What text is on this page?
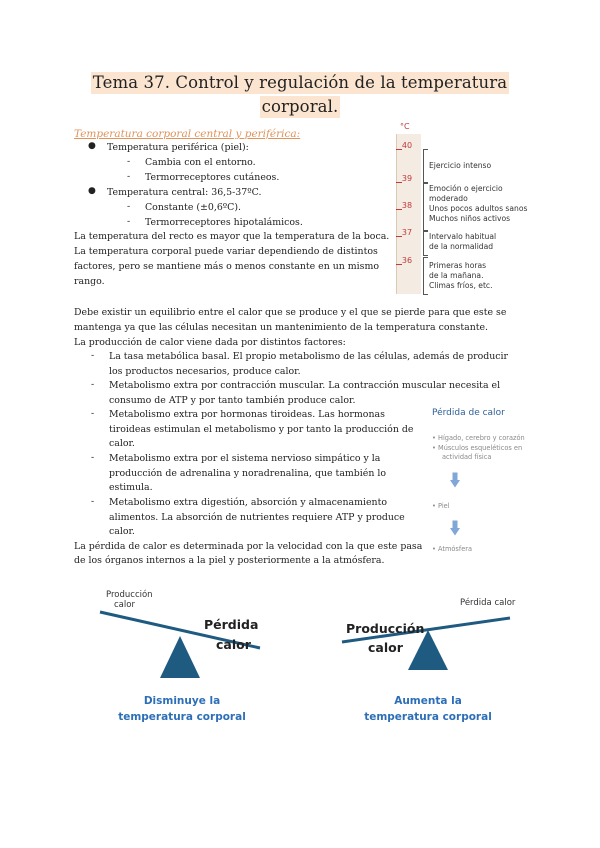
Tema 37. Control y regulación de la temperatura
corporal.
Temperatura corporal central y periférica:
● Temperatura periférica (piel):
- Cambia con el entorno.
- Termorreceptores cutáneos.
● Temperatura central: 36,5-37ºC.
- Constante (±0,6ºC).
- Termorreceptores hipotalámicos.
La temperatura del recto es mayor que la temperatura de la boca.
La temperatura corporal puede variar dependiendo de distintos
factores, pero se mantiene más o menos constante en un mismo
rango.
°C
40
39
38
37
36
Ejercicio intenso
Emoción o ejercicio
moderado
Unos pocos adultos sanos
Muchos niños activos
Intervalo habitual
de la normalidad
Primeras horas
de la mañana.
Climas fríos, etc.
Debe existir un equilibrio entre el calor que se produce y el que se pierde para que este se
mantenga ya que las células necesitan un mantenimiento de la temperatura constante.
La producción de calor viene dada por distintos factores:
- La tasa metabólica basal. El propio metabolismo de las células, además de producir
los productos necesarios, produce calor.
- Metabolismo extra por contracción muscular. La contracción muscular necesita el
consumo de ATP y por tanto también produce calor.
- Metabolismo extra por hormonas tiroideas. Las hormonas
tiroideas estimulan el metabolismo y por tanto la producción de
calor.
- Metabolismo extra por el sistema nervioso simpático y la
producción de adrenalina y noradrenalina, que también lo
estimula.
- Metabolismo extra digestión, absorción y almacenamiento
alimentos. La absorción de nutrientes requiere ATP y produce
calor.
La pérdida de calor es determinada por la velocidad con la que este pasa
de los órganos internos a la piel y posteriormente a la atmósfera.
Pérdida de calor
• Hígado, cerebro y corazón
• Músculos esqueléticos en
actividad física
• Piel
• Atmósfera
Producción
calor
Pérdida
calor
Disminuye la
temperatura corporal
Pérdida calor
Producción
calor
Aumenta la
temperatura corporal
